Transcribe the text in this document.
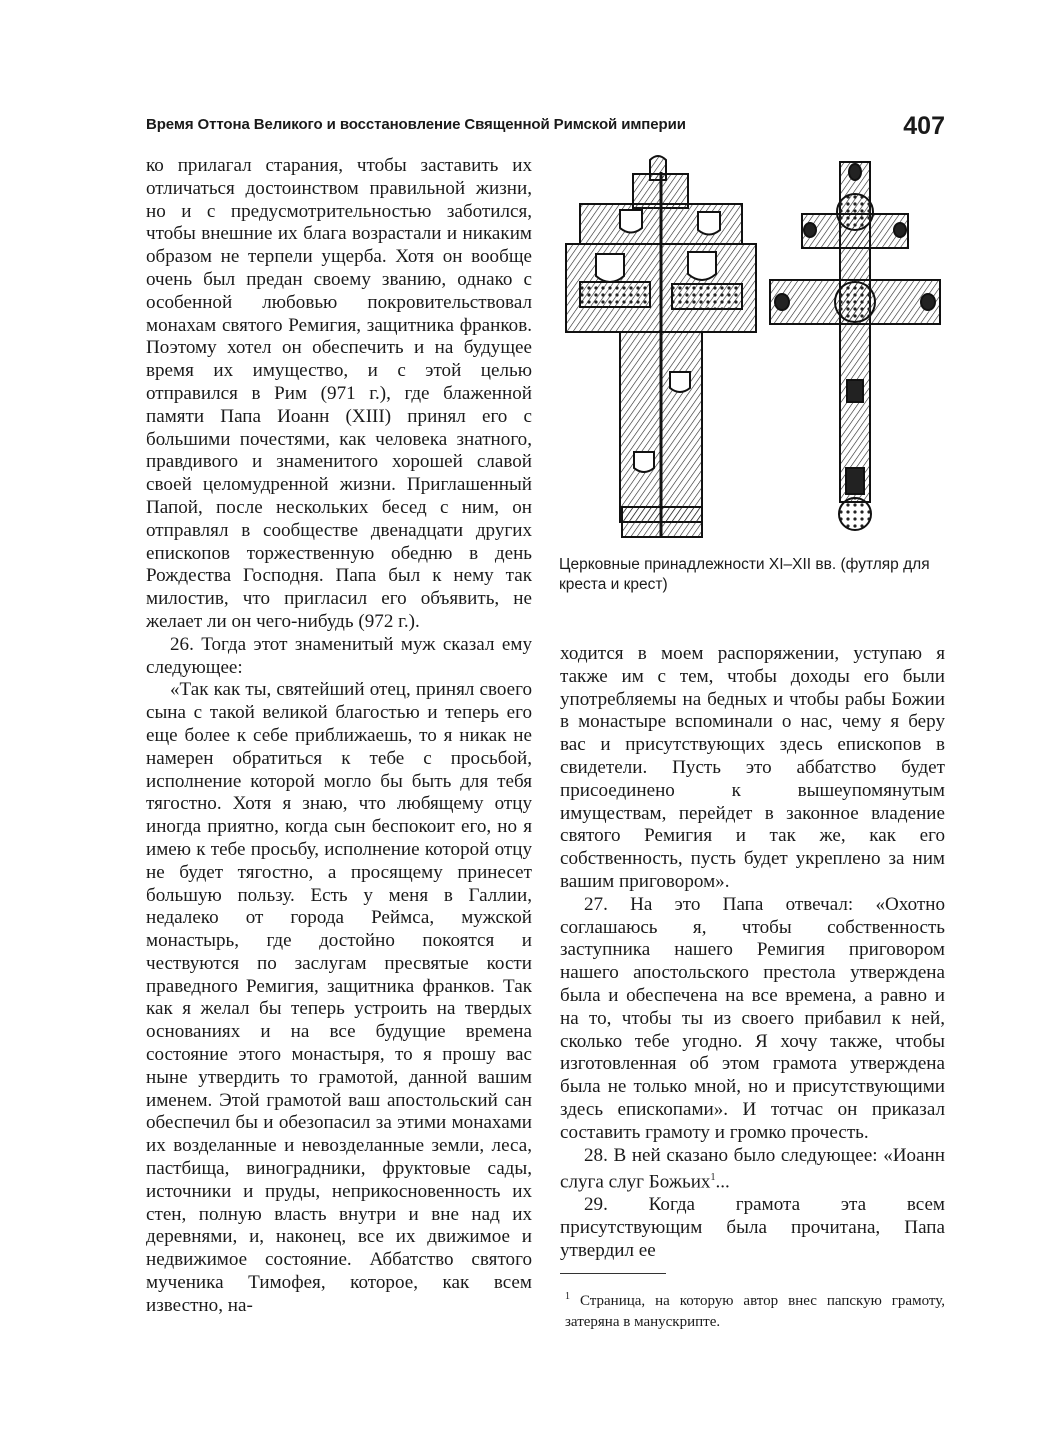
Время Оттона Великого и восстановление Священной Римской империи	407

ко прилагал старания, чтобы заставить их отличаться достоинством правильной жизни, но и с предусмотрительностью заботился, чтобы внешние их блага возрастали и никаким образом не терпели ущерба. Хотя он вообще очень был предан своему званию, однако с особенной любовью покровительствовал монахам святого Ремигия, защитника франков. Поэтому хотел он обеспечить и на будущее время их имущество, и с этой целью отправился в Рим (971 г.), где блаженной памяти Папа Иоанн (XIII) принял его с большими почестями, как человека знатного, правдивого и знаменитого хорошей славой своей целомудренной жизни. Приглашенный Папой, после нескольких бесед с ним, он отправлял в сообществе двенадцати других епископов торжественную обедню в день Рождества Господня. Папа был к нему так милостив, что пригласил его объявить, не желает ли он чего-нибудь (972 г.).

26. Тогда этот знаменитый муж сказал ему следующее:

«Так как ты, святейший отец, принял своего сына с такой великой благостью и теперь его еще более к себе приближаешь, то я никак не намерен обратиться к тебе с просьбой, исполнение которой могло бы быть для тебя тягостно. Хотя я знаю, что любящему отцу иногда приятно, когда сын беспокоит его, но я имею к тебе просьбу, исполнение которой отцу не будет тягостно, а просящему принесет большую пользу. Есть у меня в Галлии, недалеко от города Реймса, мужской монастырь, где достойно покоятся и чествуются по заслугам пресвятые кости праведного Ремигия, защитника франков. Так как я желал бы теперь устроить на твердых основаниях и на все будущие времена состояние этого монастыря, то я прошу вас ныне утвердить то грамотой, данной вашим именем. Этой грамотой ваш апостольский сан обеспечил бы и обезопасил за этими монахами их возделанные и невозделанные земли, леса, пастбища, виноградники, фруктовые сады, источники и пруды, неприкосновенность их стен, полную власть внутри и вне над их деревнями, и, наконец, все их движимое и недвижимое состояние. Аббатство святого мученика Тимофея, которое, как всем известно, на-

Церковные принадлежности XI–XII вв. (футляр для креста и крест)

ходится в моем распоряжении, уступаю я также им с тем, чтобы доходы его были употребляемы на бедных и чтобы рабы Божии в монастыре вспоминали о нас, чему я беру вас и присутствующих здесь епископов в свидетели. Пусть это аббатство будет присоединено к вышеупомянутым имуществам, перейдет в законное владение святого Ремигия и так же, как его собственность, пусть будет укреплено за ним вашим приговором».

27. На это Папа отвечал: «Охотно соглашаюсь я, чтобы собственность заступника нашего Ремигия приговором нашего апостольского престола утверждена была и обеспечена на все времена, а равно и на то, чтобы ты из своего прибавил к ней, сколько тебе угодно. Я хочу также, чтобы изготовленная об этом грамота утверждена была не только мной, но и присутствующими здесь епископами». И тотчас он приказал составить грамоту и громко прочесть.

28. В ней сказано было следующее: «Иоанн слуга слуг Божьих$^1$...

29. Когда грамота эта всем присутствующим была прочитана, Папа утвердил ее

$^1$ Страница, на которую автор внес папскую грамоту, затеряна в манускрипте.
